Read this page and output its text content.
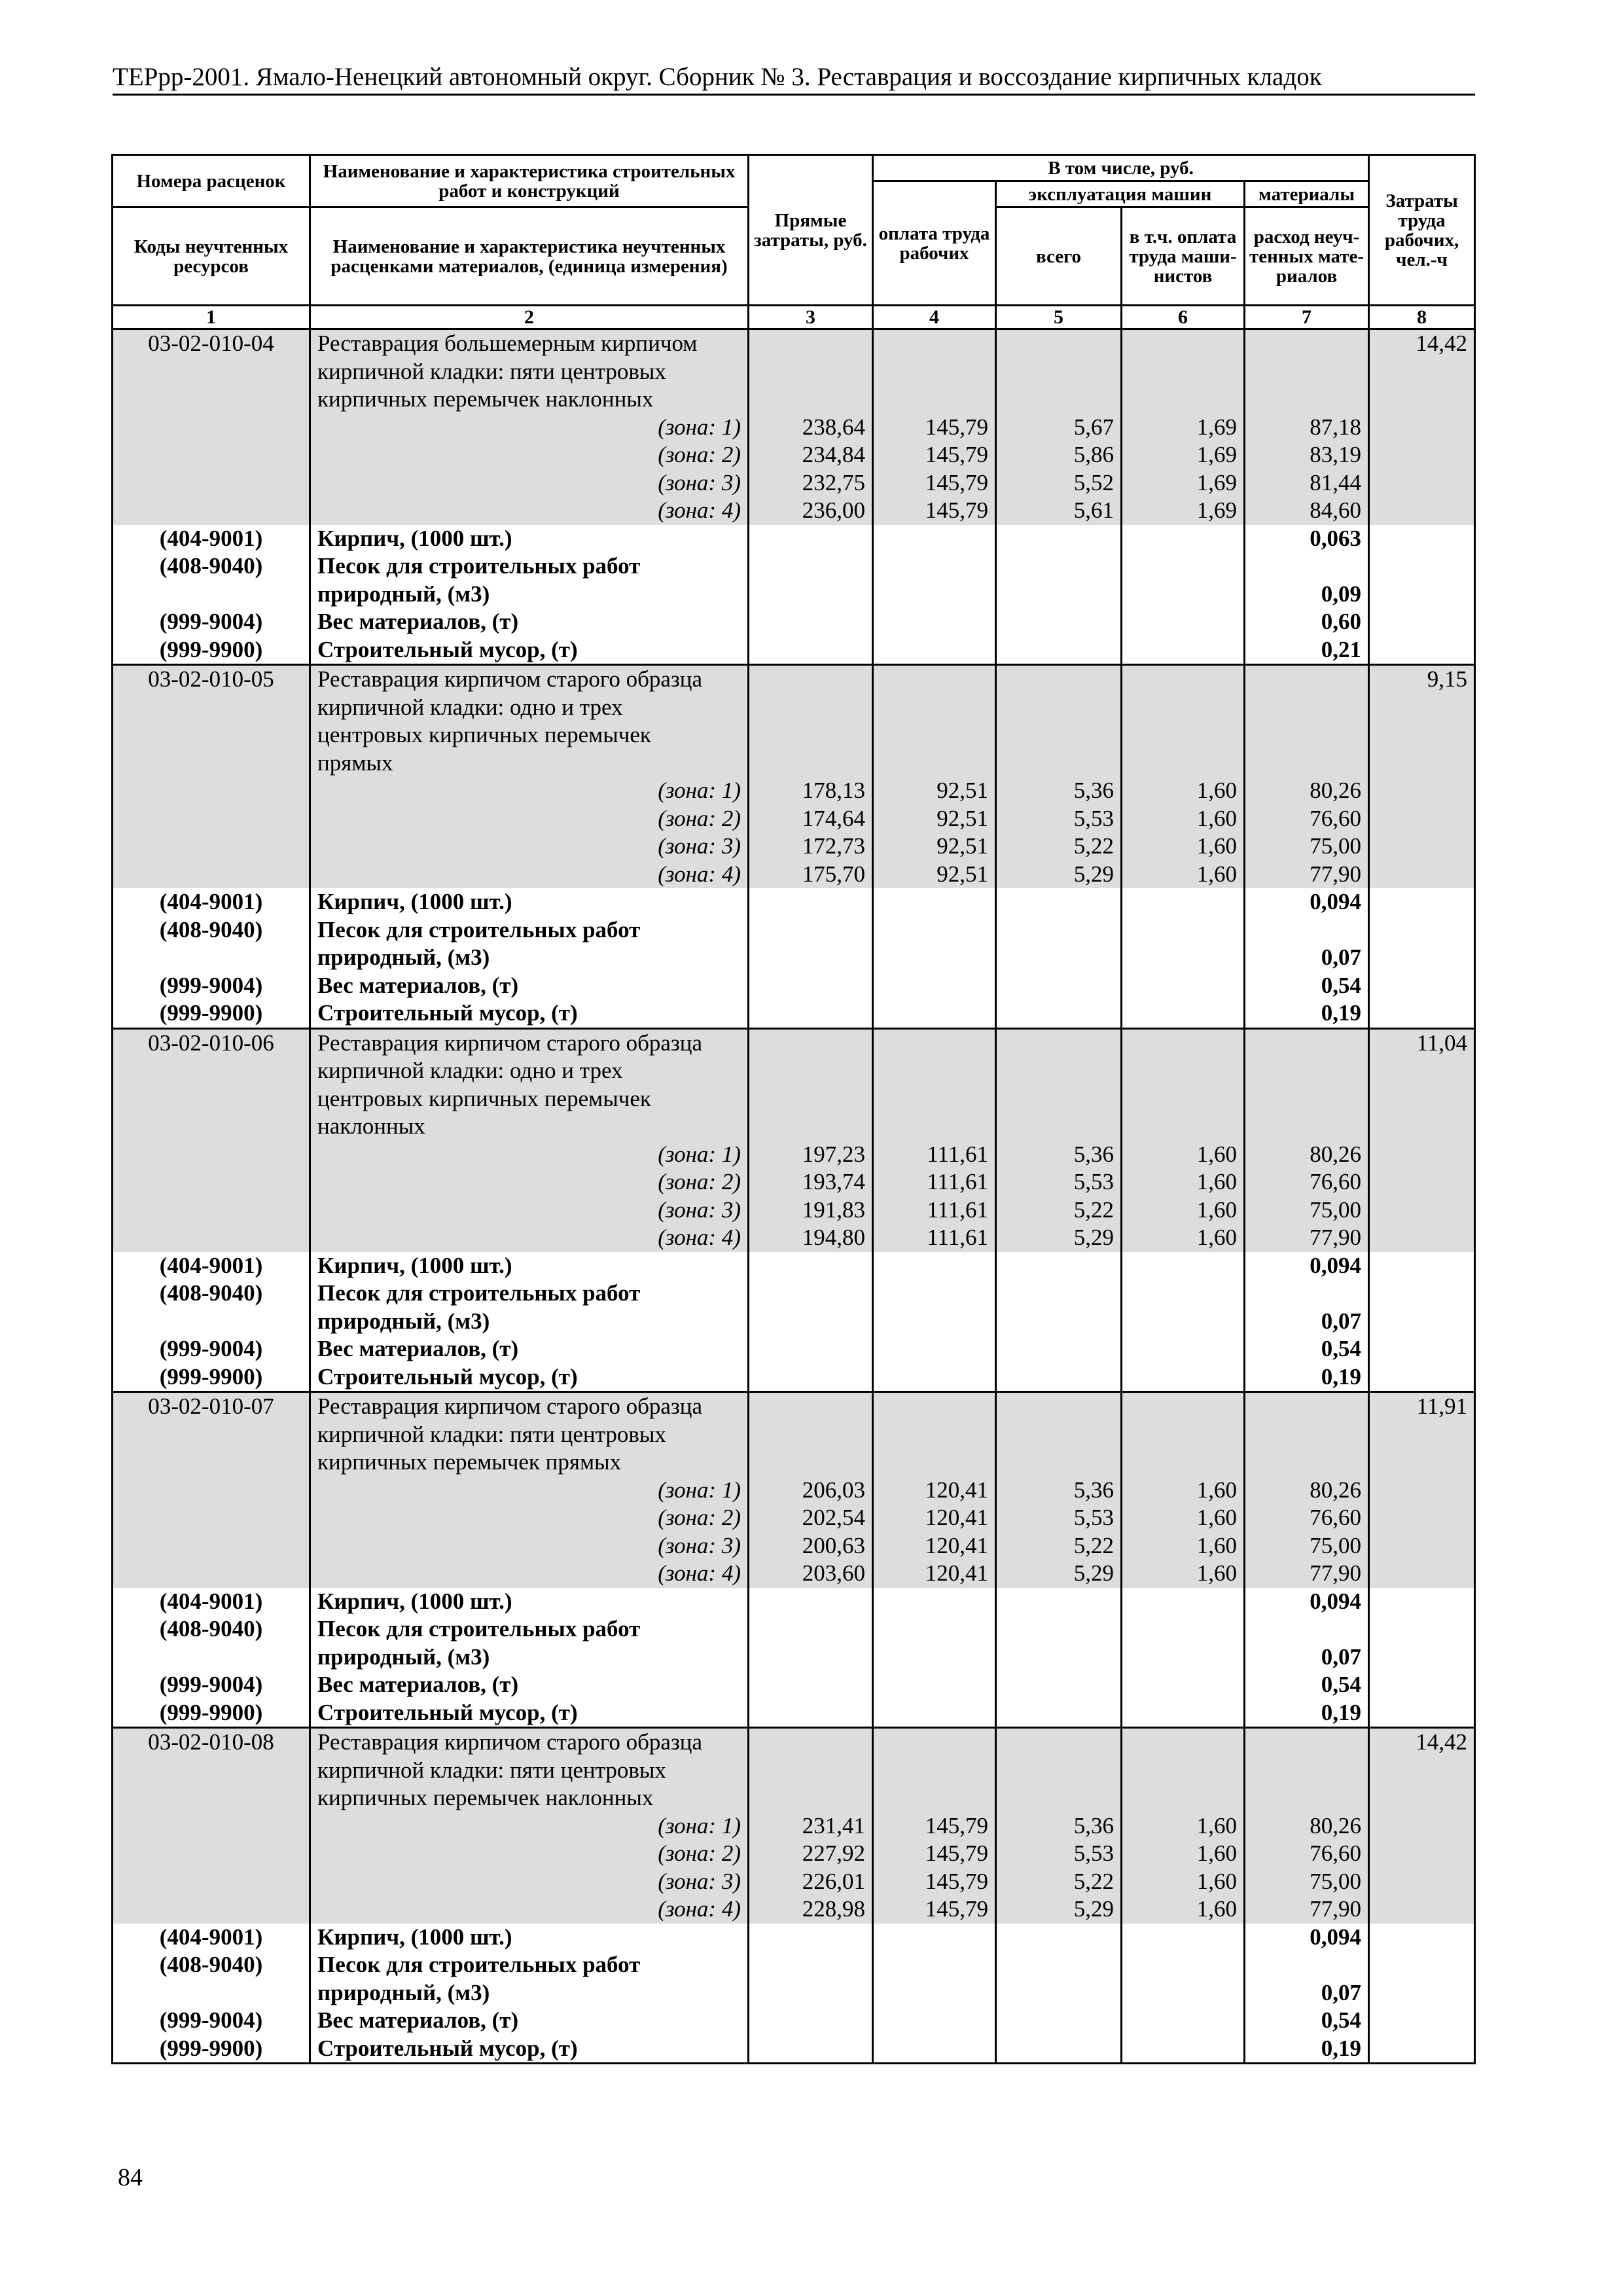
ТЕРрр-2001. Ямало-Ненецкий автономный округ. Сборник № 3. Реставрация и воссоздание кирпичных кладок
Номера расценок	Наименование и характеристика строительных работ и конструкций	Прямые затраты, руб.	В том числе, руб.				Затраты труда рабочих, чел.-ч
			оплата труда рабочих	эксплуатация машин		материалы	
Коды неучтенных ресурсов	Наименование и характеристика неучтенных расценками материалов, (единица измерения)			всего	в т.ч. оплата труда маши-нистов	расход неуч-тенных мате-риалов	

1	2	3	4	5	6	7	8
03-02-010-04	Реставрация большемерным кирпичом						14,42
	кирпичной кладки: пяти центровых						
	кирпичных перемычек наклонных						
	(зона: 1)	238,64	145,79	5,67	1,69	87,18	
	(зона: 2)	234,84	145,79	5,86	1,69	83,19	
	(зона: 3)	232,75	145,79	5,52	1,69	81,44	
	(зона: 4)	236,00	145,79	5,61	1,69	84,60	
(404-9001)	Кирпич, (1000 шт.)					0,063	
(408-9040)	Песок для строительных работ						
	природный, (м3)					0,09	
(999-9004)	Вес материалов, (т)					0,60	
(999-9900)	Строительный мусор, (т)					0,21	
03-02-010-05	Реставрация кирпичом старого образца						9,15
	кирпичной кладки: одно и трех						
	центровых кирпичных перемычек						
	прямых						
	(зона: 1)	178,13	92,51	5,36	1,60	80,26	
	(зона: 2)	174,64	92,51	5,53	1,60	76,60	
	(зона: 3)	172,73	92,51	5,22	1,60	75,00	
	(зона: 4)	175,70	92,51	5,29	1,60	77,90	
(404-9001)	Кирпич, (1000 шт.)					0,094	
(408-9040)	Песок для строительных работ						
	природный, (м3)					0,07	
(999-9004)	Вес материалов, (т)					0,54	
(999-9900)	Строительный мусор, (т)					0,19	
03-02-010-06	Реставрация кирпичом старого образца						11,04
	кирпичной кладки: одно и трех						
	центровых кирпичных перемычек						
	наклонных						
	(зона: 1)	197,23	111,61	5,36	1,60	80,26	
	(зона: 2)	193,74	111,61	5,53	1,60	76,60	
	(зона: 3)	191,83	111,61	5,22	1,60	75,00	
	(зона: 4)	194,80	111,61	5,29	1,60	77,90	
(404-9001)	Кирпич, (1000 шт.)					0,094	
(408-9040)	Песок для строительных работ						
	природный, (м3)					0,07	
(999-9004)	Вес материалов, (т)					0,54	
(999-9900)	Строительный мусор, (т)					0,19	
03-02-010-07	Реставрация кирпичом старого образца						11,91
	кирпичной кладки: пяти центровых						
	кирпичных перемычек прямых						
	(зона: 1)	206,03	120,41	5,36	1,60	80,26	
	(зона: 2)	202,54	120,41	5,53	1,60	76,60	
	(зона: 3)	200,63	120,41	5,22	1,60	75,00	
	(зона: 4)	203,60	120,41	5,29	1,60	77,90	
(404-9001)	Кирпич, (1000 шт.)					0,094	
(408-9040)	Песок для строительных работ						
	природный, (м3)					0,07	
(999-9004)	Вес материалов, (т)					0,54	
(999-9900)	Строительный мусор, (т)					0,19	
03-02-010-08	Реставрация кирпичом старого образца						14,42
	кирпичной кладки: пяти центровых						
	кирпичных перемычек наклонных						
	(зона: 1)	231,41	145,79	5,36	1,60	80,26	
	(зона: 2)	227,92	145,79	5,53	1,60	76,60	
	(зона: 3)	226,01	145,79	5,22	1,60	75,00	
	(зона: 4)	228,98	145,79	5,29	1,60	77,90	
(404-9001)	Кирпич, (1000 шт.)					0,094	
(408-9040)	Песок для строительных работ						
	природный, (м3)					0,07	
(999-9004)	Вес материалов, (т)					0,54	
(999-9900)	Строительный мусор, (т)					0,19	
84
